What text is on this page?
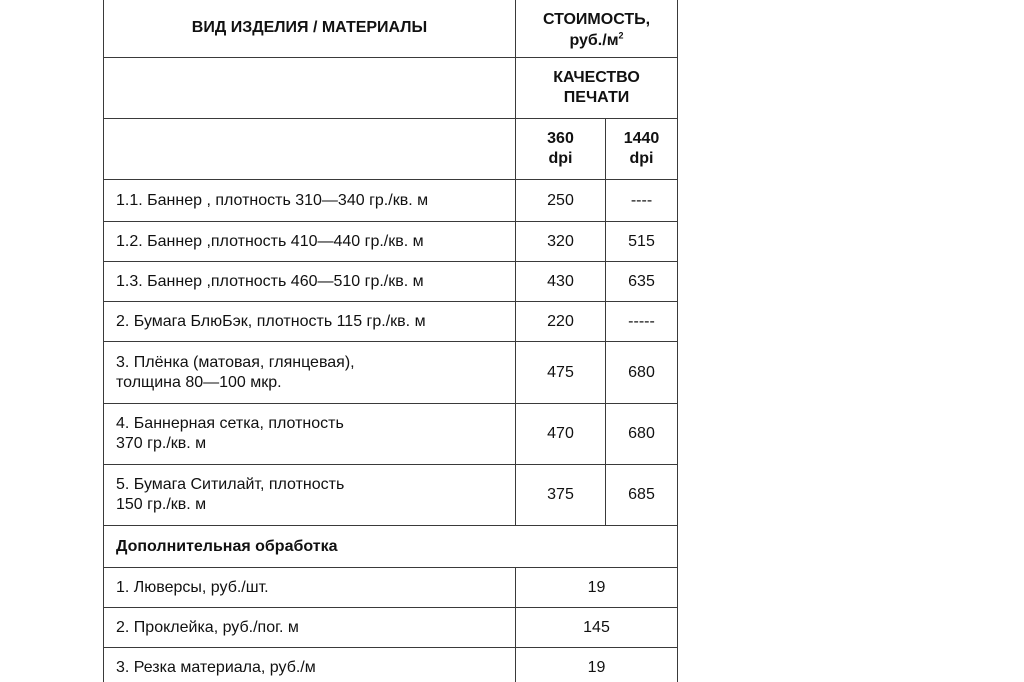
ВИД ИЗДЕЛИЯ / МАТЕРИАЛЫ	СТОИМОСТЬ,
$руб./м^2$

	КАЧЕСТВО ПЕЧАТИ	

	360 dpi	1440 dpi

1.1. Баннер , плотность 310—340 гр./кв. м	250	----
1.2. Баннер ,плотность 410—440 гр./кв. м	320	515
1.3. Баннер ,плотность 460—510 гр./кв. м	430	635
2. Бумага БлюБэк, плотность 115 гр./кв. м	220	-----

3. Плёнка (матовая, глянцевая),
толщина 80—100 мкр.	475	680

4. Баннерная сетка, плотность
370 гр./кв. м	470	680

5. Бумага Ситилайт, плотность
150 гр./кв. м	375	685
Дополнительная обработка		
1. Люверсы, руб./шт.	19	
2. Проклейка, руб./пог. м	145	
3. Резка материала, руб./м	19	
